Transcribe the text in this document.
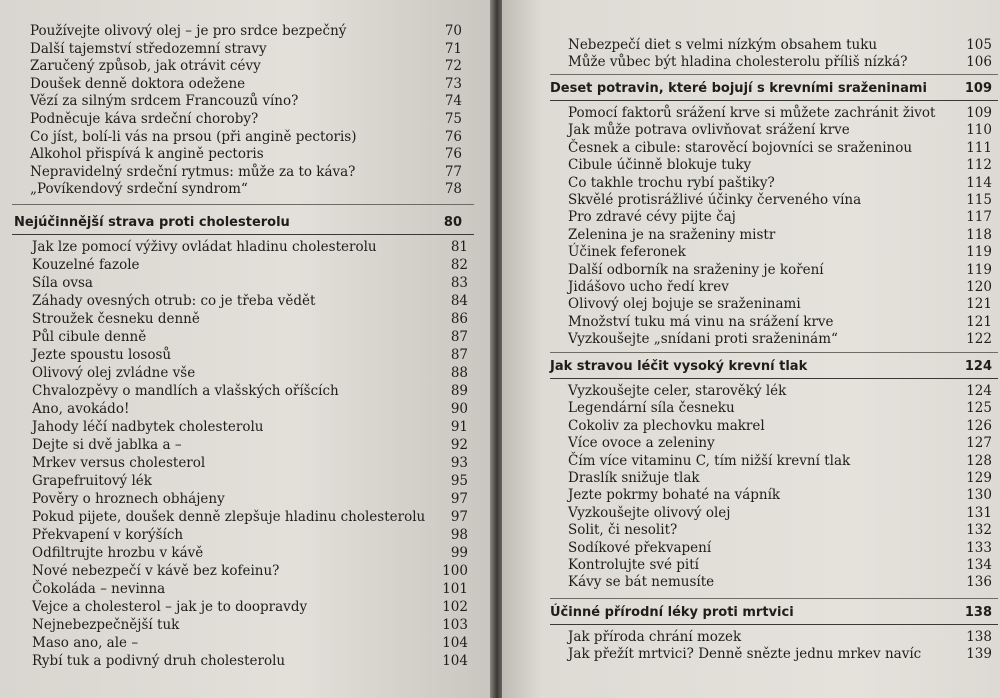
Používejte olivový olej – je pro srdce bezpečný	70
Další tajemství středozemní stravy	71
Zaručený způsob, jak otrávit cévy	72
Doušek denně doktora odežene	73
Vězí za silným srdcem Francouzů víno?	74
Podněcuje káva srdeční choroby?	75
Co jíst, bolí-li vás na prsou (při angině pectoris)	76
Alkohol přispívá k angině pectoris	76
Nepravidelný srdeční rytmus: může za to káva?	77
„Povíkendový srdeční syndrom“	78
Nejúčinnější strava proti cholesterolu	80
Jak lze pomocí výživy ovládat hladinu cholesterolu	81
Kouzelné fazole	82
Síla ovsa	83
Záhady ovesných otrub: co je třeba vědět	84
Stroužek česneku denně	86
Půl cibule denně	87
Jezte spoustu lososů	87
Olivový olej zvládne vše	88
Chvalozpěvy o mandlích a vlašských oříšcích	89
Ano, avokádo!	90
Jahody léčí nadbytek cholesterolu	91
Dejte si dvě jablka a –	92
Mrkev versus cholesterol	93
Grapefruitový lék	95
Pověry o hroznech obhájeny	97
Pokud pijete, doušek denně zlepšuje hladinu cholesterolu 97
Překvapení v korýších	98
Odfiltrujte hrozbu v kávě	99
Nové nebezpečí v kávě bez kofeinu?	100
Čokoláda – nevinna	101
Vejce a cholesterol – jak je to doopravdy	102
Nejnebezpečnější tuk	103
Maso ano, ale –	104
Rybí tuk a podivný druh cholesterolu	104
Nebezpečí diet s velmi nízkým obsahem tuku	105
Může vůbec být hladina cholesterolu příliš nízká?	106
Deset potravin, které bojují s krevními sraženinami	109
Pomocí faktorů srážení krve si můžete zachránit život 109
Jak může potrava ovlivňovat srážení krve	110
Česnek a cibule: starověcí bojovníci se sraženinou	111
Cibule účinně blokuje tuky	112
Co takhle trochu rybí paštiky?	114
Skvělé protisrážlivé účinky červeného vína	115
Pro zdravé cévy pijte čaj	117
Zelenina je na sraženiny mistr	118
Účinek feferonek	119
Další odborník na sraženiny je koření	119
Jidášovo ucho ředí krev	120
Olivový olej bojuje se sraženinami	121
Množství tuku má vinu na srážení krve	121
Vyzkoušejte „snídani proti sraženinám“	122
Jak stravou léčit vysoký krevní tlak	124
Vyzkoušejte celer, starověký lék	124
Legendární síla česneku	125
Cokoliv za plechovku makrel	126
Více ovoce a zeleniny	127
Čím více vitaminu C, tím nižší krevní tlak	128
Draslík snižuje tlak	129
Jezte pokrmy bohaté na vápník	130
Vyzkoušejte olivový olej	131
Solit, či nesolit?	132
Sodíkové překvapení	133
Kontrolujte své pití	134
Kávy se bát nemusíte	136
Účinné přírodní léky proti mrtvici	138
Jak příroda chrání mozek	138
Jak přežít mrtvici? Denně snězte jednu mrkev navíc	139
